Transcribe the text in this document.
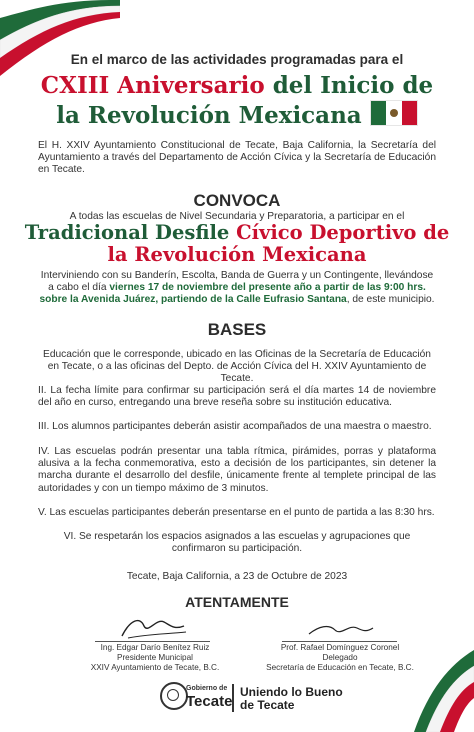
En el marco de las actividades programadas para el
CXIII Aniversario del Inicio de
la Revolución Mexicana
El H. XXIV Ayuntamiento Constitucional de Tecate, Baja California, la Secretaría del Ayuntamiento a través del Departamento de Acción Cívica y la Secretaría de Educación en Tecate.
CONVOCA
A todas las escuelas de Nivel Secundaria y Preparatoria, a participar en el
Tradicional Desfile Cívico Deportivo de
la Revolución Mexicana
Interviniendo con su Banderín, Escolta, Banda de Guerra y un Contingente, llevándose a cabo el día viernes 17 de noviembre del presente año a partir de las 9:00 hrs. sobre la Avenida Juárez, partiendo de la Calle Eufrasio Santana, de este municipio.
BASES
Educación que le corresponde, ubicado en las Oficinas de la Secretaría de Educación en Tecate, o a las oficinas del Depto. de Acción Cívica del H. XXIV Ayuntamiento de Tecate.
II. La fecha límite para confirmar su participación será el día martes 14 de noviembre del año en curso, entregando una breve reseña sobre su institución educativa.
III. Los alumnos participantes deberán asistir acompañados de una maestra o maestro.
IV. Las escuelas podrán presentar una tabla rítmica, pirámides, porras y plataforma alusiva a la fecha conmemorativa, esto a decisión de los participantes, sin detener la marcha durante el desarrollo del desfile, únicamente frente al templete principal de las autoridades y con un tiempo máximo de 3 minutos.
V. Las escuelas participantes deberán presentarse en el punto de partida a las 8:30 hrs.
VI. Se respetarán los espacios asignados a las escuelas y agrupaciones que confirmaron su participación.
Tecate, Baja California, a 23 de Octubre de 2023
ATENTAMENTE
Ing. Edgar Darío Benítez Ruiz
Presidente Municipal
XXIV Ayuntamiento de Tecate, B.C.
Prof. Rafael Domínguez Coronel
Delegado
Secretaría de Educación en Tecate, B.C.
Gobierno de
Tecate
Uniendo lo Bueno
de Tecate
